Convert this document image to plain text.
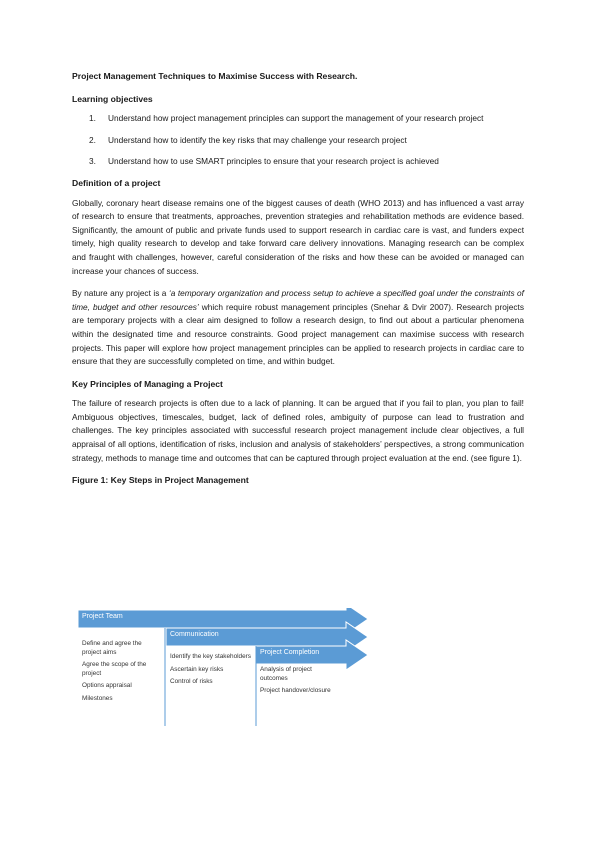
Project Management Techniques to Maximise Success with Research.
Learning objectives
1. Understand how project management principles can support the management of your research project
2. Understand how to identify the key risks that may challenge your research project
3. Understand how to use SMART principles to ensure that your research project is achieved
Definition of a project

Globally, coronary heart disease remains one of the biggest causes of death (WHO 2013) and has influenced a vast array of research to ensure that treatments, approaches, prevention strategies and rehabilitation methods are evidence based. Significantly, the amount of public and private funds used to support research in cardiac care is vast, and funders expect timely, high quality research to develop and take forward care delivery innovations. Managing research can be complex and fraught with challenges, however, careful consideration of the risks and how these can be avoided or managed can increase your chances of success.

By nature any project is a ‘a temporary organization and process setup to achieve a specified goal under the constraints of time, budget and other resources’ which require robust management principles (Snehar & Dvir 2007). Research projects are temporary projects with a clear aim designed to follow a research design, to find out about a particular phenomena within the designated time and resource constraints. Good project management can maximise success with research projects. This paper will explore how project management principles can be applied to research projects in cardiac care to ensure that they are successfully completed on time, and within budget.

Key Principles of Managing a Project

The failure of research projects is often due to a lack of planning. It can be argued that if you fail to plan, you plan to fail! Ambiguous objectives, timescales, budget, lack of defined roles, ambiguity of purpose can lead to frustration and challenges. The key principles associated with successful research project management include clear objectives, a full appraisal of all options, identification of risks, inclusion and analysis of stakeholders’ perspectives, a strong communication strategy, methods to manage time and outcomes that can be captured through project evaluation at the end. (see figure 1).

Figure 1: Key Steps in Project Management
Project Team
Communication
Project Completion
Define and agree the project aims
Agree the scope of the project
Options appraisal
Milestones
Identify the key stakeholders
Ascertain key risks
Control of risks
Analysis of project outcomes
Project handover/closure
